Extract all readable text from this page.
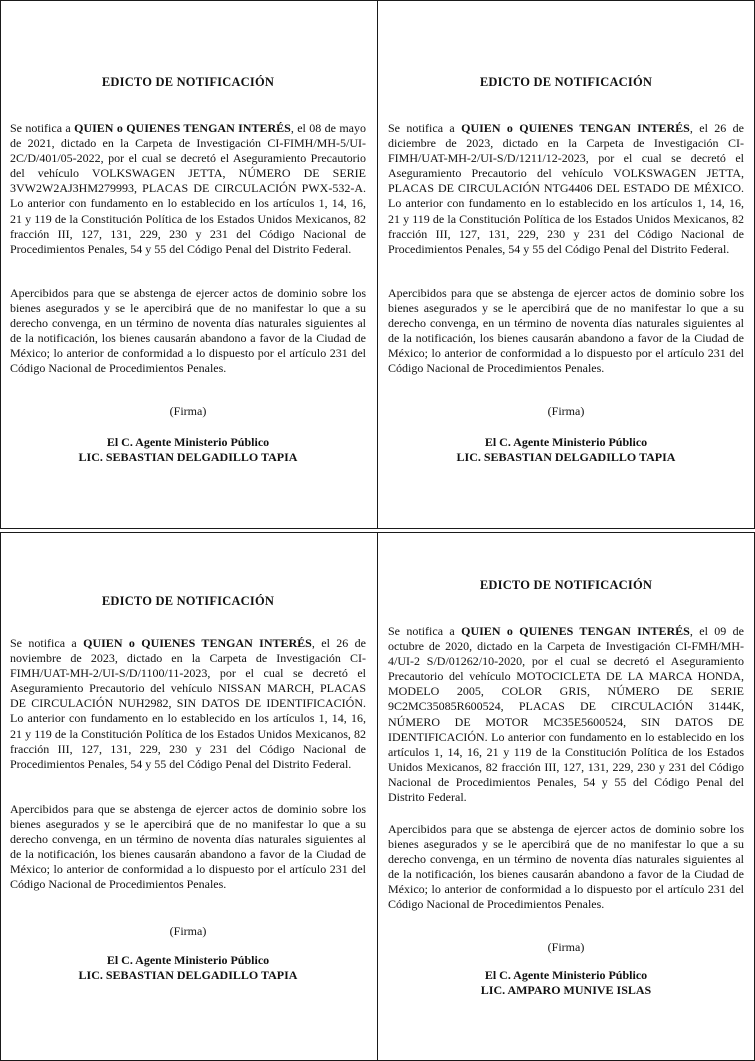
EDICTO DE NOTIFICACIÓN
Se notifica a QUIEN o QUIENES TENGAN INTERÉS, el 08 de mayo de 2021, dictado en la Carpeta de Investigación CI-FIMH/MH-5/UI-2C/D/401/05-2022, por el cual se decretó el Aseguramiento Precautorio del vehículo VOLKSWAGEN JETTA, NÚMERO DE SERIE 3VW2W2AJ3HM279993, PLACAS DE CIRCULACIÓN PWX-532-A. Lo anterior con fundamento en lo establecido en los artículos 1, 14, 16, 21 y 119 de la Constitución Política de los Estados Unidos Mexicanos, 82 fracción III, 127, 131, 229, 230 y 231 del Código Nacional de Procedimientos Penales, 54 y 55 del Código Penal del Distrito Federal.
Apercibidos para que se abstenga de ejercer actos de dominio sobre los bienes asegurados y se le apercibirá que de no manifestar lo que a su derecho convenga, en un término de noventa días naturales siguientes al de la notificación, los bienes causarán abandono a favor de la Ciudad de México; lo anterior de conformidad a lo dispuesto por el artículo 231 del Código Nacional de Procedimientos Penales.
(Firma)
El C. Agente Ministerio Público
LIC. SEBASTIAN DELGADILLO TAPIA
EDICTO DE NOTIFICACIÓN
Se notifica a QUIEN o QUIENES TENGAN INTERÉS, el 26 de diciembre de 2023, dictado en la Carpeta de Investigación CI-FIMH/UAT-MH-2/UI-S/D/1211/12-2023, por el cual se decretó el Aseguramiento Precautorio del vehículo VOLKSWAGEN JETTA, PLACAS DE CIRCULACIÓN NTG4406 DEL ESTADO DE MÉXICO. Lo anterior con fundamento en lo establecido en los artículos 1, 14, 16, 21 y 119 de la Constitución Política de los Estados Unidos Mexicanos, 82 fracción III, 127, 131, 229, 230 y 231 del Código Nacional de Procedimientos Penales, 54 y 55 del Código Penal del Distrito Federal.
Apercibidos para que se abstenga de ejercer actos de dominio sobre los bienes asegurados y se le apercibirá que de no manifestar lo que a su derecho convenga, en un término de noventa días naturales siguientes al de la notificación, los bienes causarán abandono a favor de la Ciudad de México; lo anterior de conformidad a lo dispuesto por el artículo 231 del Código Nacional de Procedimientos Penales.
(Firma)
El C. Agente Ministerio Público
LIC. SEBASTIAN DELGADILLO TAPIA
EDICTO DE NOTIFICACIÓN
Se notifica a QUIEN o QUIENES TENGAN INTERÉS, el 26 de noviembre de 2023, dictado en la Carpeta de Investigación CI-FIMH/UAT-MH-2/UI-S/D/1100/11-2023, por el cual se decretó el Aseguramiento Precautorio del vehículo NISSAN MARCH, PLACAS DE CIRCULACIÓN NUH2982, SIN DATOS DE IDENTIFICACIÓN. Lo anterior con fundamento en lo establecido en los artículos 1, 14, 16, 21 y 119 de la Constitución Política de los Estados Unidos Mexicanos, 82 fracción III, 127, 131, 229, 230 y 231 del Código Nacional de Procedimientos Penales, 54 y 55 del Código Penal del Distrito Federal.
Apercibidos para que se abstenga de ejercer actos de dominio sobre los bienes asegurados y se le apercibirá que de no manifestar lo que a su derecho convenga, en un término de noventa días naturales siguientes al de la notificación, los bienes causarán abandono a favor de la Ciudad de México; lo anterior de conformidad a lo dispuesto por el artículo 231 del Código Nacional de Procedimientos Penales.
(Firma)
El C. Agente Ministerio Público
LIC. SEBASTIAN DELGADILLO TAPIA
EDICTO DE NOTIFICACIÓN
Se notifica a QUIEN o QUIENES TENGAN INTERÉS, el 09 de octubre de 2020, dictado en la Carpeta de Investigación CI-FMH/MH-4/UI-2 S/D/01262/10-2020, por el cual se decretó el Aseguramiento Precautorio del vehículo MOTOCICLETA DE LA MARCA HONDA, MODELO 2005, COLOR GRIS, NÚMERO DE SERIE 9C2MC35085R600524, PLACAS DE CIRCULACIÓN 3144K, NÚMERO DE MOTOR MC35E5600524, SIN DATOS DE IDENTIFICACIÓN. Lo anterior con fundamento en lo establecido en los artículos 1, 14, 16, 21 y 119 de la Constitución Política de los Estados Unidos Mexicanos, 82 fracción III, 127, 131, 229, 230 y 231 del Código Nacional de Procedimientos Penales, 54 y 55 del Código Penal del Distrito Federal.
Apercibidos para que se abstenga de ejercer actos de dominio sobre los bienes asegurados y se le apercibirá que de no manifestar lo que a su derecho convenga, en un término de noventa días naturales siguientes al de la notificación, los bienes causarán abandono a favor de la Ciudad de México; lo anterior de conformidad a lo dispuesto por el artículo 231 del Código Nacional de Procedimientos Penales.
(Firma)
El C. Agente Ministerio Público
LIC. AMPARO MUNIVE ISLAS
